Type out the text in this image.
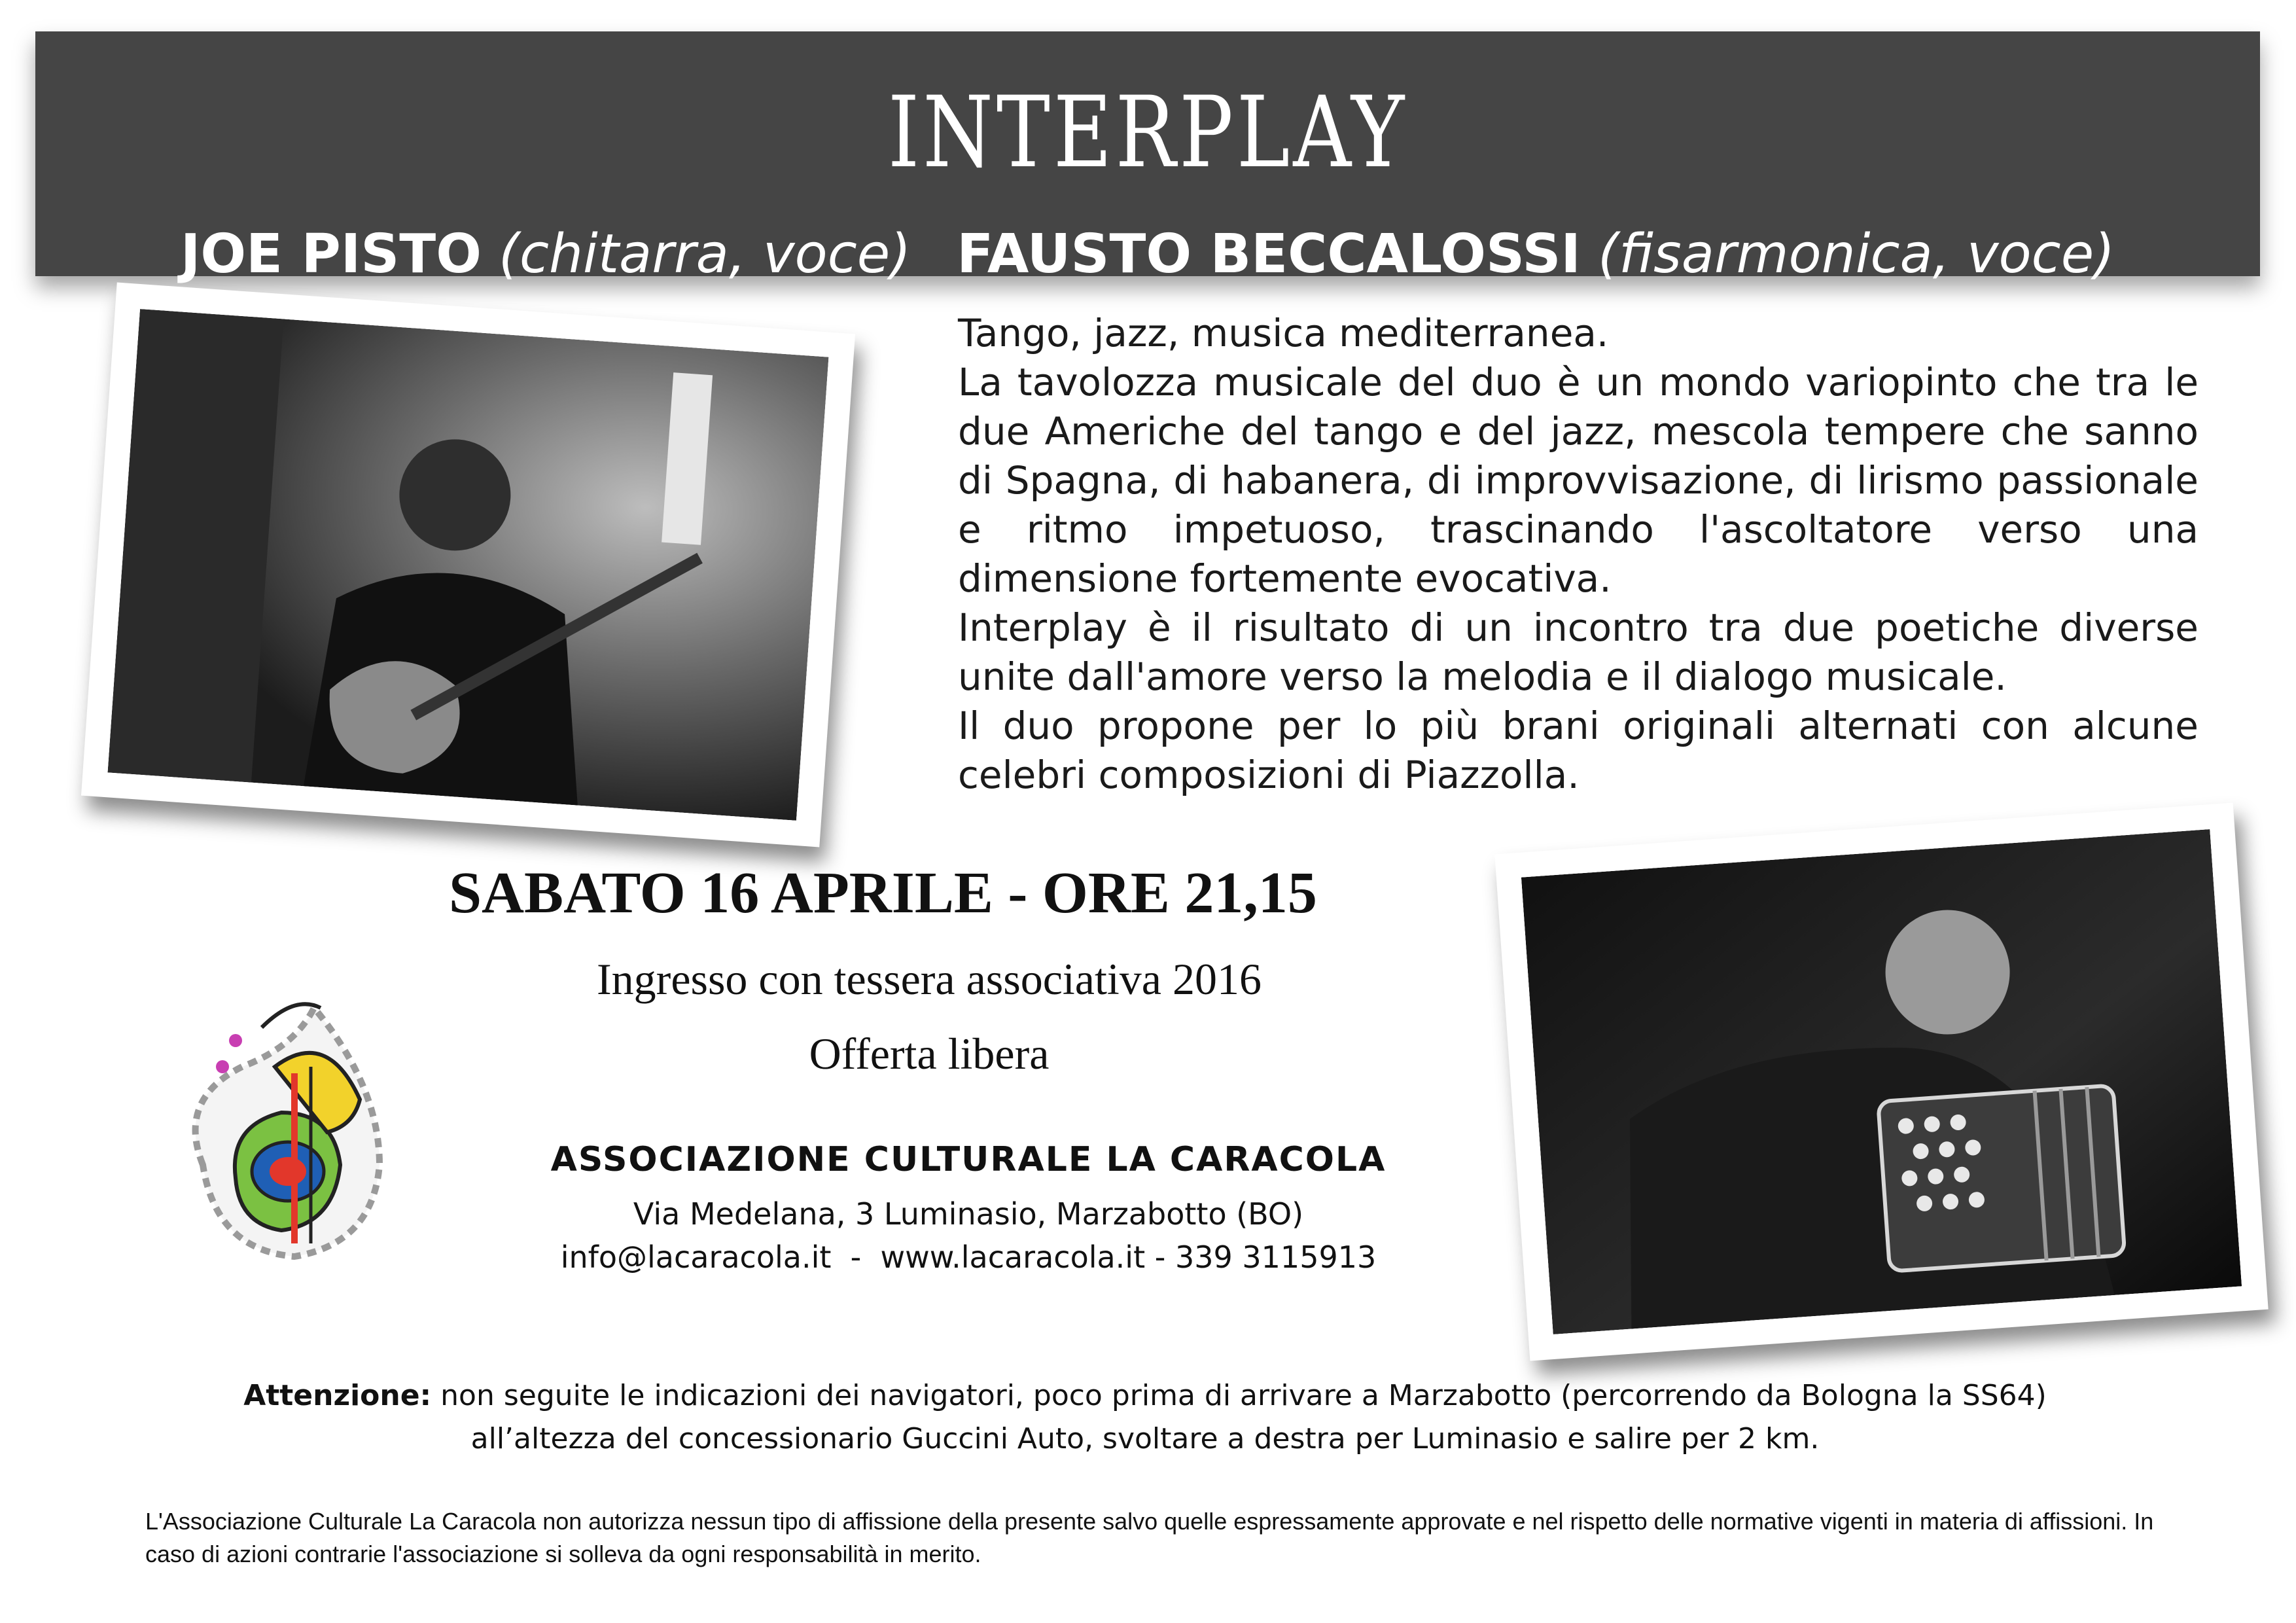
INTERPLAY
JOE PISTO (chitarra, voce) FAUSTO BECCALOSSI (fisarmonica, voce)

Tango, jazz, musica mediterranea.

La tavolozza musicale del duo è un mondo variopinto che tra le due Americhe del tango e del jazz, mescola tempere che sanno di Spagna, di habanera, di improvvisazione, di lirismo passionale e ritmo impetuoso, trascinando l'ascoltatore verso una dimensione fortemente evocativa.

Interplay è il risultato di un incontro tra due poetiche diverse unite dall'amore verso la melodia e il dialogo musicale.

Il duo propone per lo più brani originali alternati con alcune celebri composizioni di Piazzolla.

SABATO 16 APRILE - ORE 21,15
Ingresso con tessera associativa 2016
Offerta libera
ASSOCIAZIONE CULTURALE LA CARACOLA
Via Medelana, 3 Luminasio, Marzabotto (BO)
info@lacaracola.it  -  www.lacaracola.it - 339 3115913
Attenzione: non seguite le indicazioni dei navigatori, poco prima di arrivare a Marzabotto (percorrendo da Bologna la SS64)
all’altezza del concessionario Guccini Auto, svoltare a destra per Luminasio e salire per 2 km.
L'Associazione Culturale La Caracola non autorizza nessun tipo di affissione della presente salvo quelle espressamente approvate e nel rispetto delle normative vigenti in materia di affissioni. In caso di azioni contrarie l'associazione si solleva da ogni responsabilità in merito.
